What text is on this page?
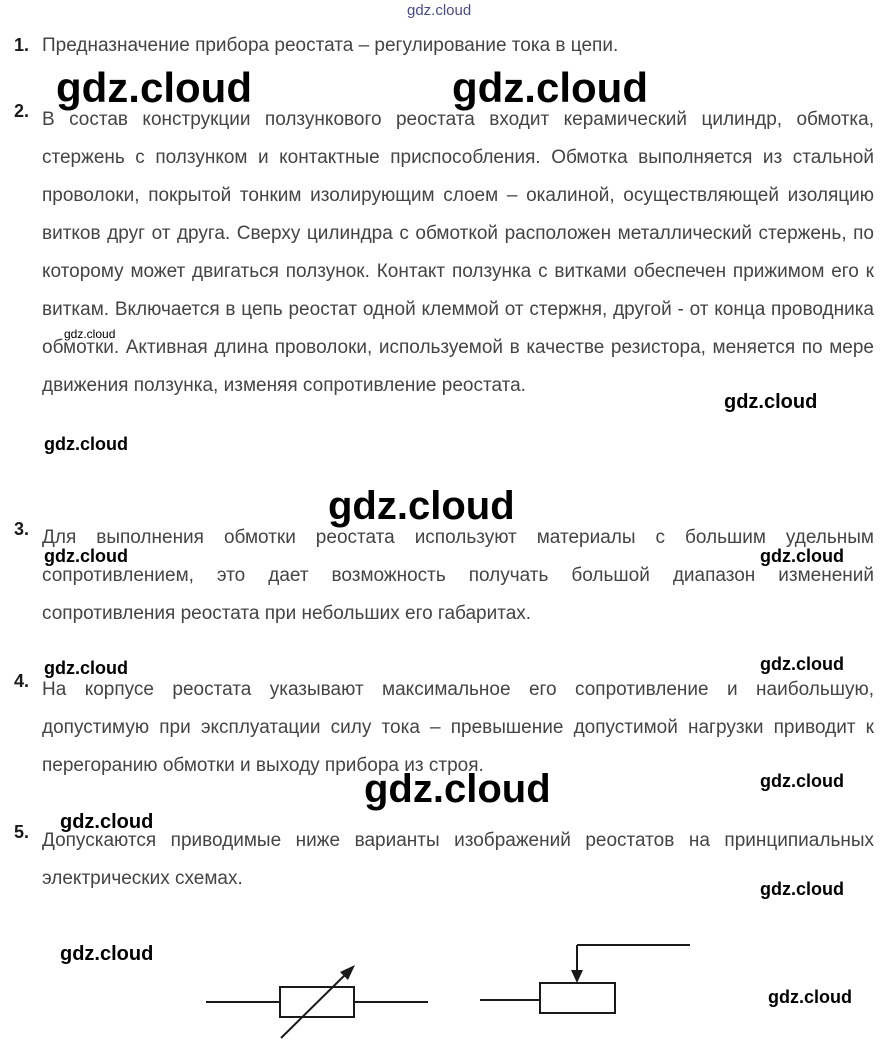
1. Предназначение прибора реостата – регулирование тока в цепи.
2. В состав конструкции ползункового реостата входит керамический цилиндр, обмотка, стержень с ползунком и контактные приспособления. Обмотка выполняется из стальной проволоки, покрытой тонким изолирующим слоем – окалиной, осуществляющей изоляцию витков друг от друга. Сверху цилиндра с обмоткой расположен металлический стержень, по которому может двигаться ползунок. Контакт ползунка с витками обеспечен прижимом его к виткам. Включается в цепь реостат одной клеммой от стержня, другой - от конца проводника обмотки. Активная длина проволоки, используемой в качестве резистора, меняется по мере движения ползунка, изменяя сопротивление реостата.
3. Для выполнения обмотки реостата используют материалы с большим удельным сопротивлением, это дает возможность получать большой диапазон изменений сопротивления реостата при небольших его габаритах.
4. На корпусе реостата указывают максимальное его сопротивление и наибольшую, допустимую при эксплуатации силу тока – превышение допустимой нагрузки приводит к перегоранию обмотки и выходу прибора из строя.
5. Допускаются приводимые ниже варианты изображений реостатов на принципиальных электрических схемах.
gdz.cloud
gdz.cloud	gdz.cloud
gdz.cloud
gdz.cloud
gdz.cloud
gdz.cloud
gdz.cloud	gdz.cloud
gdz.cloud	gdz.cloud
gdz.cloud	gdz.cloud
gdz.cloud
gdz.cloud
gdz.cloud
gdz.cloud
